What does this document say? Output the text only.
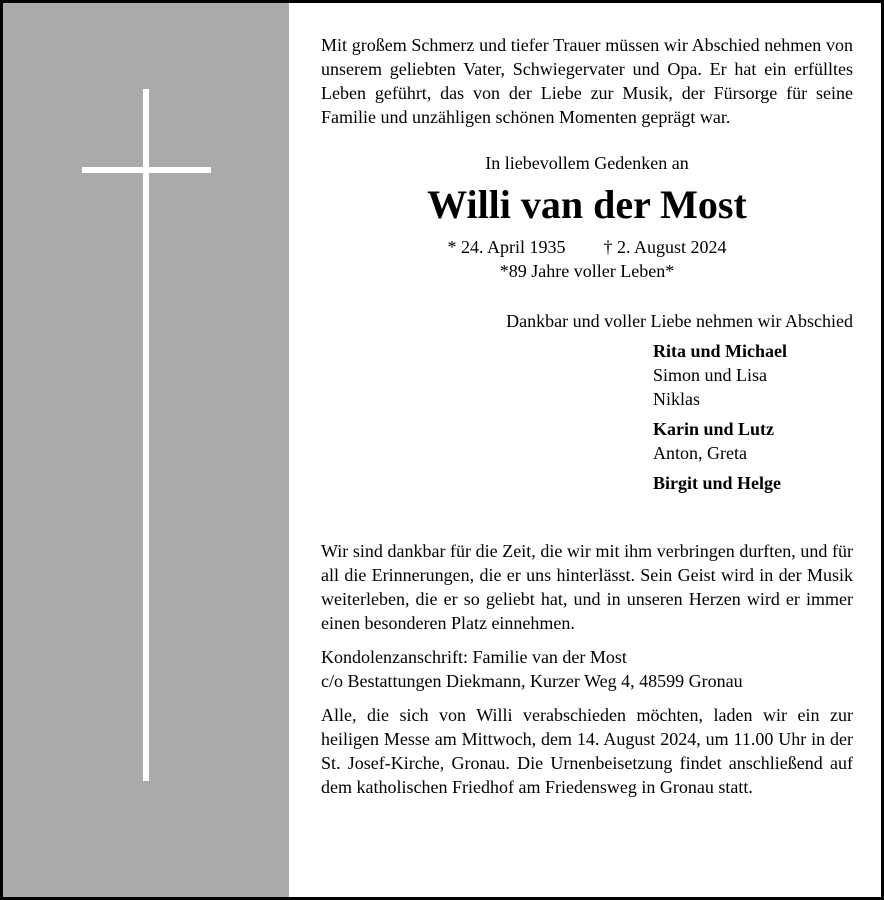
Mit großem Schmerz und tiefer Trauer müssen wir Abschied nehmen von unserem geliebten Vater, Schwiegervater und Opa. Er hat ein erfülltes Leben geführt, das von der Liebe zur Musik, der Fürsorge für seine Familie und unzähligen schönen Momenten geprägt war.

In liebevollem Gedenken an

Willi van der Most
* 24. April 1935 † 2. August 2024

*89 Jahre voller Leben*

Dankbar und voller Liebe nehmen wir Abschied

Rita und Michael
Simon und Lisa
Niklas
Karin und Lutz
Anton, Greta
Birgit und Helge

Wir sind dankbar für die Zeit, die wir mit ihm verbringen durften, und für all die Erinnerungen, die er uns hinterlässt. Sein Geist wird in der Musik weiterleben, die er so geliebt hat, und in unseren Herzen wird er immer einen besonderen Platz einnehmen.

Kondolenzanschrift: Familie van der Most
c/o Bestattungen Diekmann, Kurzer Weg 4, 48599 Gronau

Alle, die sich von Willi verabschieden möchten, laden wir ein zur heiligen Messe am Mittwoch, dem 14. August 2024, um 11.00 Uhr in der St. Josef-Kirche, Gronau. Die Urnenbeisetzung findet anschließend auf dem katholischen Friedhof am Friedensweg in Gronau statt.
